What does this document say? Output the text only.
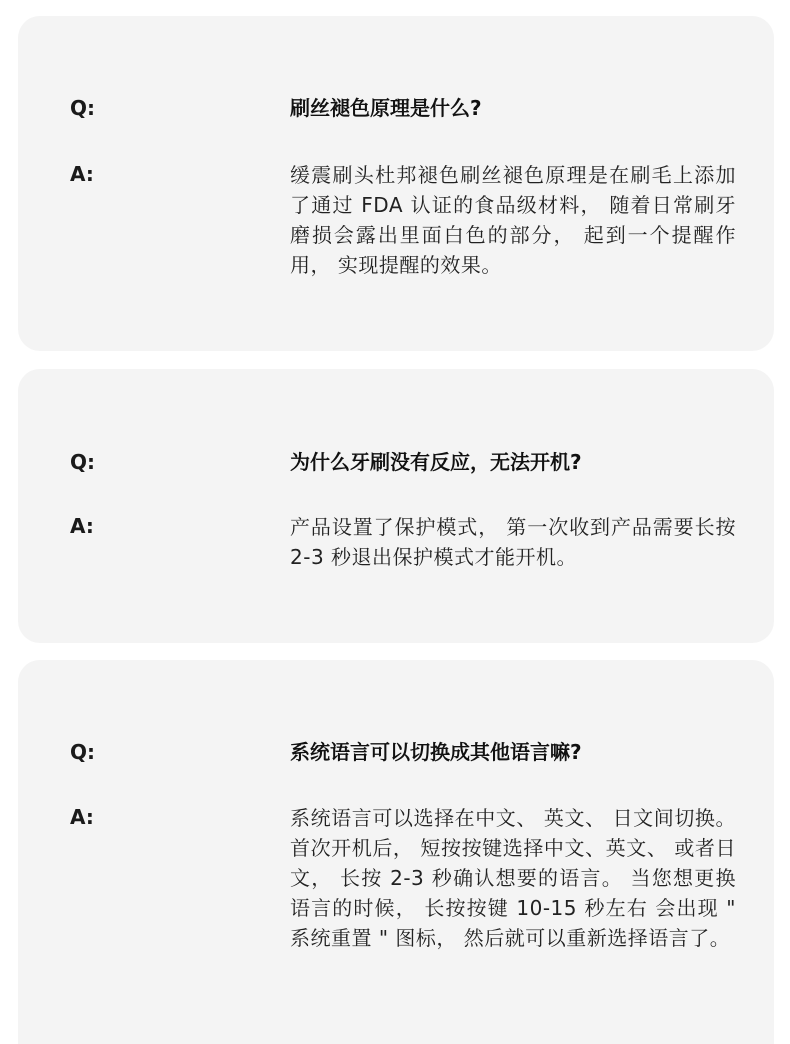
Q:	刷丝褪色原理是什么?
A:	缓震刷头杜邦褪色刷丝褪色原理是在刷毛上添加了通过 FDA 认证的食品级材料， 随着日常刷牙磨损会露出里面白色的部分， 起到一个提醒作用， 实现提醒的效果。
Q:	为什么牙刷没有反应，无法开机?
A:	产品设置了保护模式， 第一次收到产品需要长按 2-3 秒退出保护模式才能开机。
Q:	系统语言可以切换成其他语言嘛?
A:	系统语言可以选择在中文、 英文、 日文间切换。 首次开机后， 短按按键选择中文、英文、 或者日文， 长按 2-3 秒确认想要的语言。 当您想更换语言的时候， 长按按键 10-15 秒左右 会出现 " 系统重置 " 图标， 然后就可以重新选择语言了。
